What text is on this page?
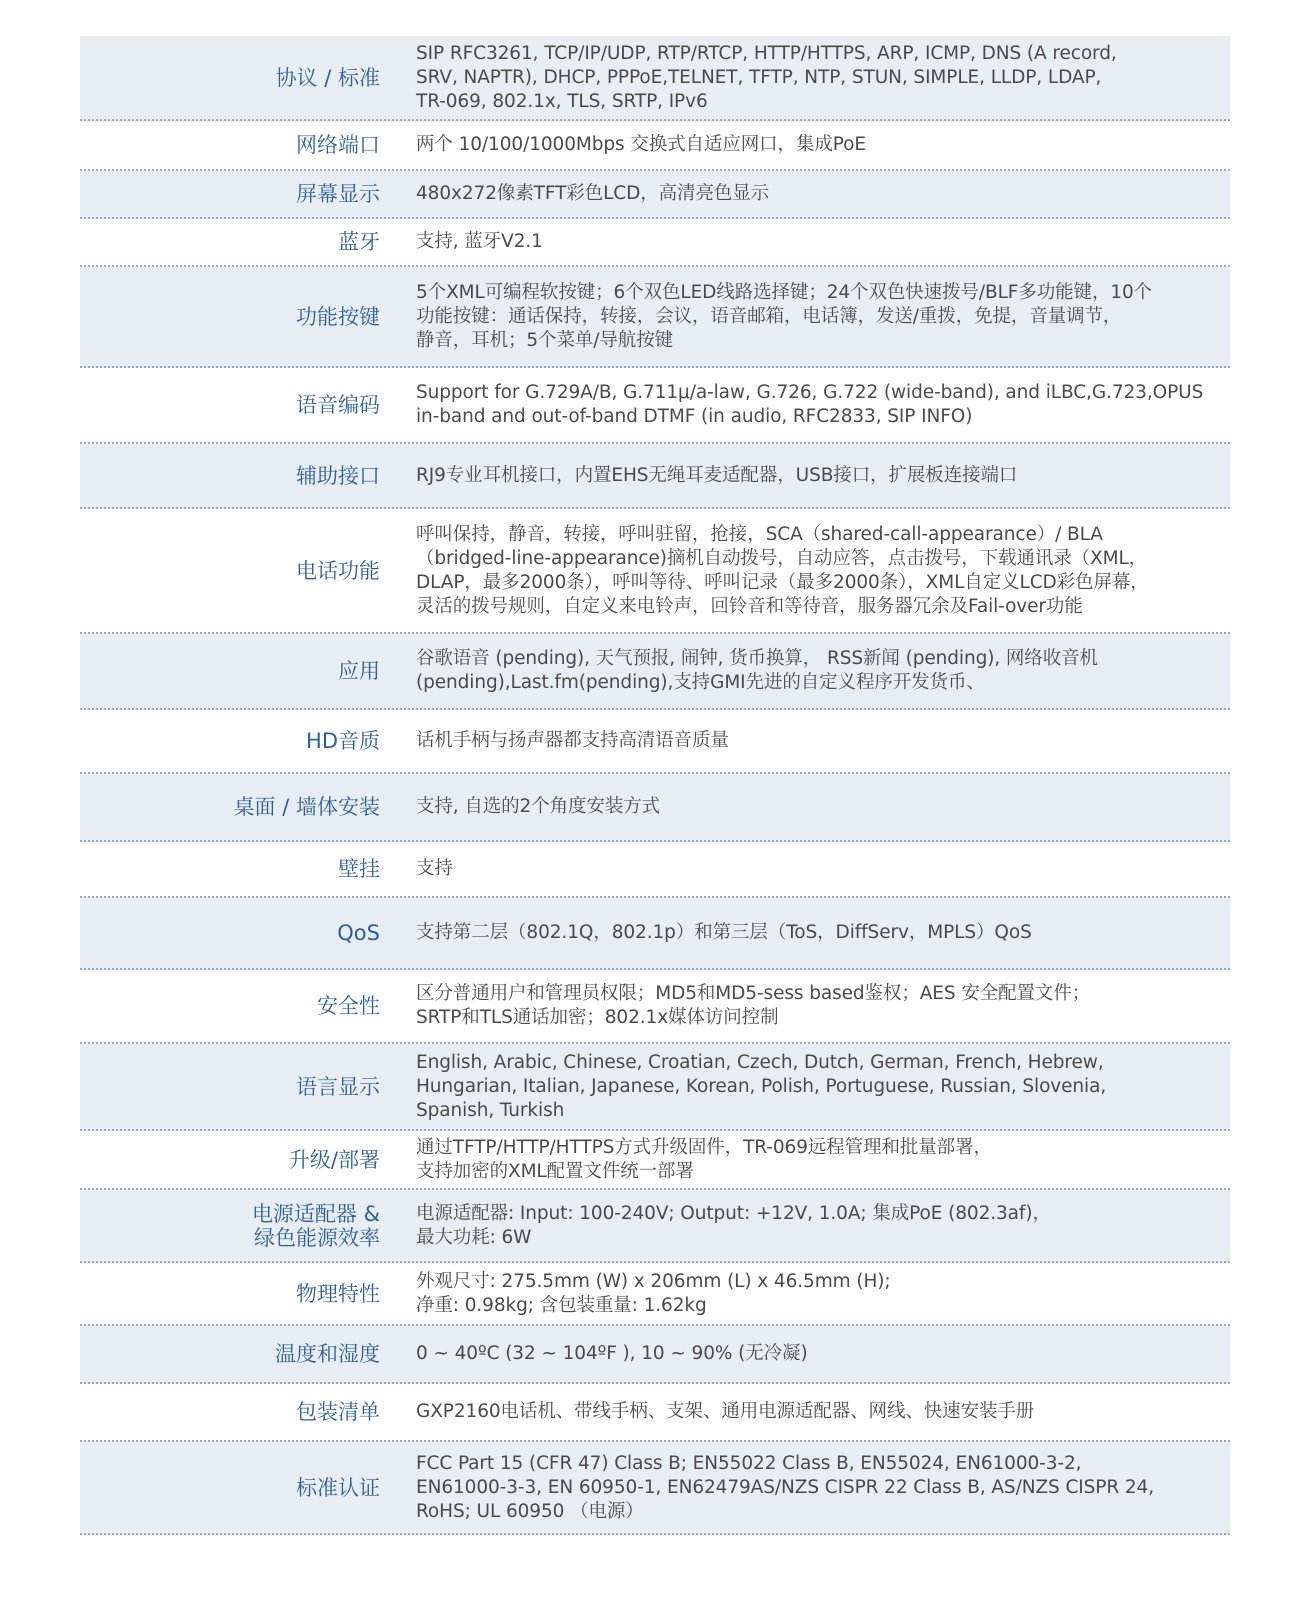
协议 / 标准
SIP RFC3261, TCP/IP/UDP, RTP/RTCP, HTTP/HTTPS, ARP, ICMP, DNS (A record,
SRV, NAPTR), DHCP, PPPoE,TELNET, TFTP, NTP, STUN, SIMPLE, LLDP, LDAP,
TR-069, 802.1x, TLS, SRTP, IPv6
网络端口 两个 10/100/1000Mbps 交换式自适应网口，集成PoE
屏幕显示 480x272像素TFT彩色LCD，高清亮色显示
蓝牙 支持, 蓝牙V2.1
功能按键
5个XML可编程软按键；6个双色LED线路选择键；24个双色快速拨号/BLF多功能键，10个
功能按键：通话保持，转接，会议，语音邮箱，电话簿，发送/重拨，免提，音量调节，
静音，耳机；5个菜单/导航按键
语音编码
Support for G.729A/B, G.711μ/a-law, G.726, G.722 (wide-band), and iLBC,G.723,OPUS
in-band and out-of-band DTMF (in audio, RFC2833, SIP INFO)
辅助接口 RJ9专业耳机接口，内置EHS无绳耳麦适配器，USB接口，扩展板连接端口
电话功能
呼叫保持，静音，转接，呼叫驻留，抢接，SCA（shared-call-appearance）/ BLA
（bridged-line-appearance)摘机自动拨号，自动应答，点击拨号，下载通讯录（XML，
DLAP，最多2000条），呼叫等待、呼叫记录（最多2000条），XML自定义LCD彩色屏幕，
灵活的拨号规则，自定义来电铃声，回铃音和等待音，服务器冗余及Fail-over功能
应用
谷歌语音 (pending), 天气预报, 闹钟, 货币换算， RSS新闻 (pending), 网络收音机
(pending),Last.fm(pending),支持GMI先进的自定义程序开发货币、
HD音质 话机手柄与扬声器都支持高清语音质量
桌面 / 墙体安装 支持, 自选的2个角度安装方式
壁挂 支持
QoS 支持第二层（802.1Q，802.1p）和第三层（ToS，DiffServ，MPLS）QoS
安全性
区分普通用户和管理员权限；MD5和MD5-sess based鉴权；AES 安全配置文件；
SRTP和TLS通话加密；802.1x媒体访问控制
语言显示
English, Arabic, Chinese, Croatian, Czech, Dutch, German, French, Hebrew,
Hungarian, Italian, Japanese, Korean, Polish, Portuguese, Russian, Slovenia,
Spanish, Turkish
升级/部署
通过TFTP/HTTP/HTTPS方式升级固件，TR-069远程管理和批量部署，
支持加密的XML配置文件统一部署
电源适配器 &
绿色能源效率
电源适配器: Input: 100-240V; Output: +12V, 1.0A; 集成PoE (802.3af)，
最大功耗: 6W
物理特性
外观尺寸: 275.5mm (W) x 206mm (L) x 46.5mm (H);
净重: 0.98kg; 含包装重量: 1.62kg
温度和湿度 0 ~ 40ºC (32 ~ 104ºF ), 10 ~ 90% (无冷凝)
包装清单 GXP2160电话机、带线手柄、支架、通用电源适配器、网线、快速安装手册
标准认证
FCC Part 15 (CFR 47) Class B; EN55022 Class B, EN55024, EN61000-3-2,
EN61000-3-3, EN 60950-1, EN62479AS/NZS CISPR 22 Class B, AS/NZS CISPR 24,
RoHS; UL 60950 （电源）
